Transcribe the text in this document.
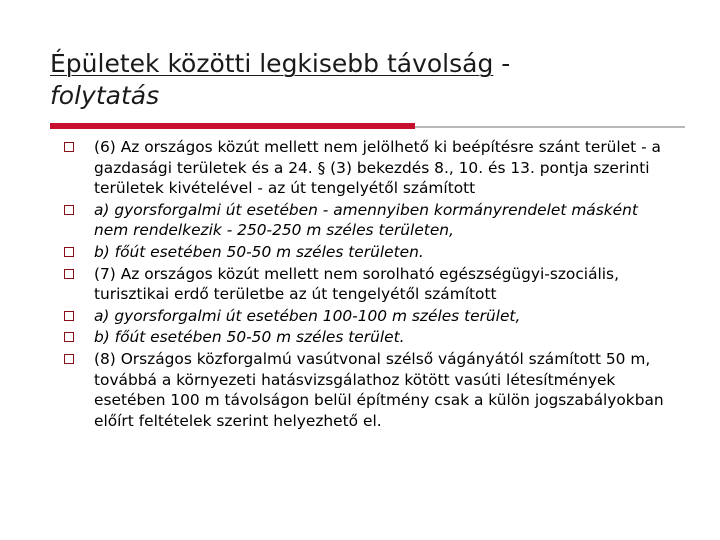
Épületek közötti legkisebb távolság -
folytatás
(6) Az országos közút mellett nem jelölhető ki beépítésre szánt terület - a gazdasági területek és a 24. § (3) bekezdés 8., 10. és 13. pontja szerinti területek kivételével - az út tengelyétől számított
a) gyorsforgalmi út esetében - amennyiben kormányrendelet másként nem rendelkezik - 250-250 m széles területen,
b) főút esetében 50-50 m széles területen.
(7) Az országos közút mellett nem sorolható egészségügyi-szociális, turisztikai erdő területbe az út tengelyétől számított
a) gyorsforgalmi út esetében 100-100 m széles terület,
b) főút esetében 50-50 m széles terület.
(8) Országos közforgalmú vasútvonal szélső vágányától számított 50 m, továbbá a környezeti hatásvizsgálathoz kötött vasúti létesítmények esetében 100 m távolságon belül építmény csak a külön jogszabályokban előírt feltételek szerint helyezhető el.
